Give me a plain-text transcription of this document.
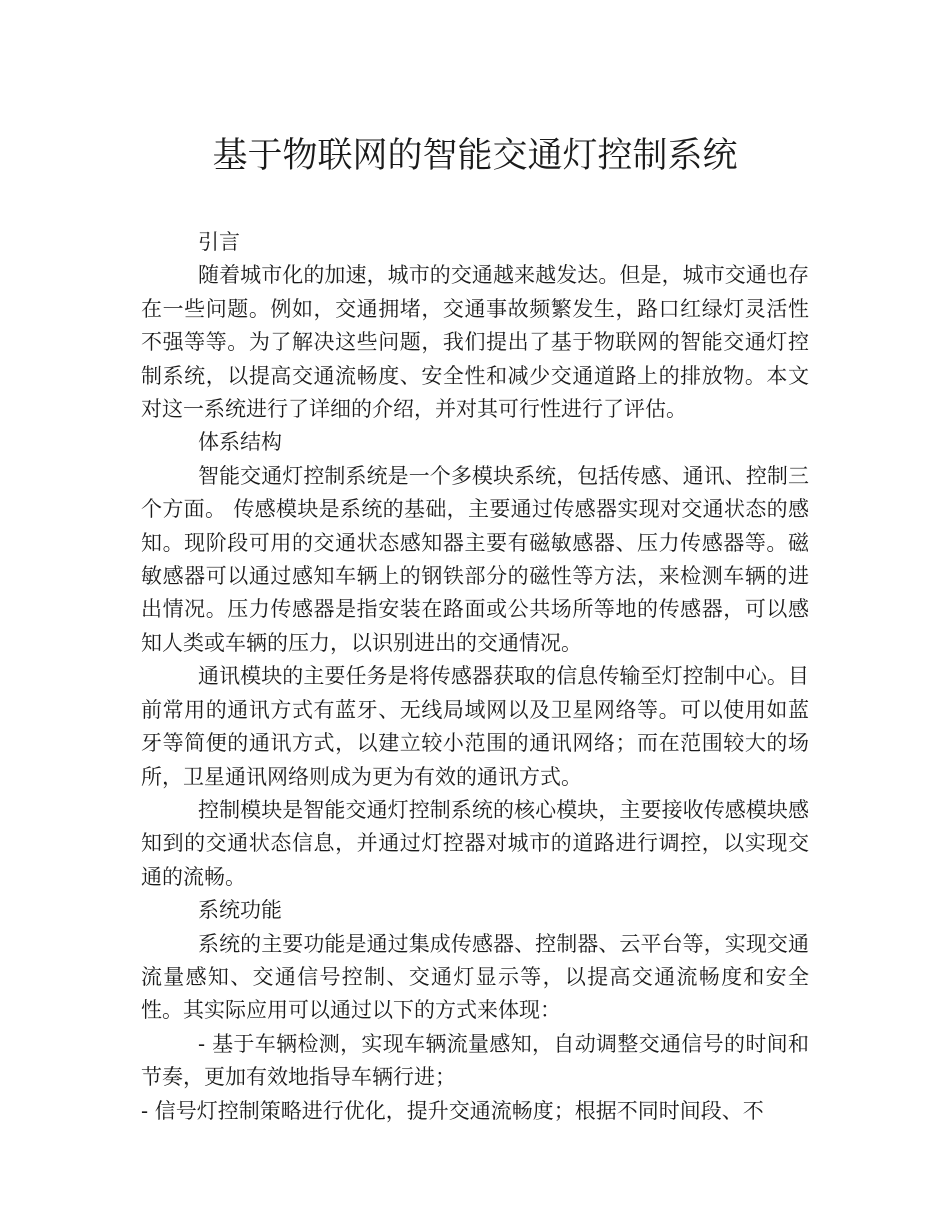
基于物联网的智能交通灯控制系统

引言

随着城市化的加速，城市的交通越来越发达。但是，城市交通也存在一些问题。例如，交通拥堵，交通事故频繁发生，路口红绿灯灵活性不强等等。为了解决这些问题，我们提出了基于物联网的智能交通灯控制系统，以提高交通流畅度、安全性和减少交通道路上的排放物。本文对这一系统进行了详细的介绍，并对其可行性进行了评估。

体系结构

智能交通灯控制系统是一个多模块系统，包括传感、通讯、控制三个方面。 传感模块是系统的基础，主要通过传感器实现对交通状态的感知。现阶段可用的交通状态感知器主要有磁敏感器、压力传感器等。磁敏感器可以通过感知车辆上的钢铁部分的磁性等方法，来检测车辆的进出情况。压力传感器是指安装在路面或公共场所等地的传感器，可以感知人类或车辆的压力，以识别进出的交通情况。

通讯模块的主要任务是将传感器获取的信息传输至灯控制中心。目前常用的通讯方式有蓝牙、无线局域网以及卫星网络等。可以使用如蓝牙等简便的通讯方式，以建立较小范围的通讯网络；而在范围较大的场所，卫星通讯网络则成为更为有效的通讯方式。

控制模块是智能交通灯控制系统的核心模块，主要接收传感模块感知到的交通状态信息，并通过灯控器对城市的道路进行调控，以实现交通的流畅。

系统功能

系统的主要功能是通过集成传感器、控制器、云平台等，实现交通流量感知、交通信号控制、交通灯显示等，以提高交通流畅度和安全性。其实际应用可以通过以下的方式来体现：

- 基于车辆检测，实现车辆流量感知，自动调整交通信号的时间和节奏，更加有效地指导车辆行进；

- 信号灯控制策略进行优化，提升交通流畅度；根据不同时间段、不
